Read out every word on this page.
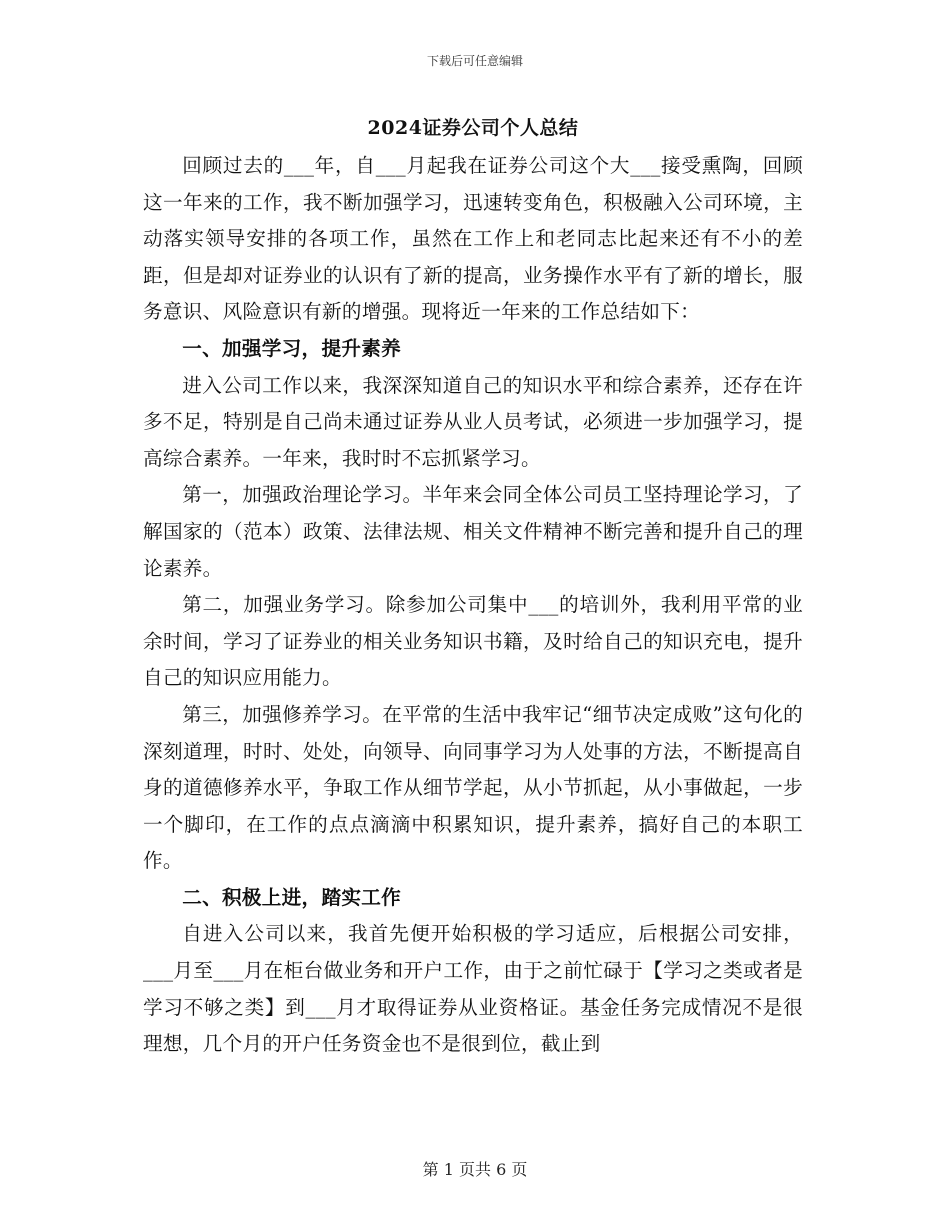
下载后可任意编辑
2024证券公司个人总结

回顾过去的___年，自___月起我在证券公司这个大___接受熏陶，回顾这一年来的工作，我不断加强学习，迅速转变角色，积极融入公司环境，主动落实领导安排的各项工作，虽然在工作上和老同志比起来还有不小的差距，但是却对证券业的认识有了新的提高，业务操作水平有了新的增长，服务意识、风险意识有新的增强。现将近一年来的工作总结如下：

一、加强学习，提升素养

进入公司工作以来，我深深知道自己的知识水平和综合素养，还存在许多不足，特别是自己尚未通过证券从业人员考试，必须进一步加强学习，提高综合素养。一年来，我时时不忘抓紧学习。

第一，加强政治理论学习。半年来会同全体公司员工坚持理论学习，了解国家的（范本）政策、法律法规、相关文件精神不断完善和提升自己的理论素养。

第二，加强业务学习。除参加公司集中___的培训外，我利用平常的业余时间，学习了证券业的相关业务知识书籍，及时给自己的知识充电，提升自己的知识应用能力。

第三，加强修养学习。在平常的生活中我牢记“细节决定成败”这句化的深刻道理，时时、处处，向领导、向同事学习为人处事的方法，不断提高自身的道德修养水平，争取工作从细节学起，从小节抓起，从小事做起，一步一个脚印，在工作的点点滴滴中积累知识，提升素养，搞好自己的本职工作。

二、积极上进，踏实工作

自进入公司以来，我首先便开始积极的学习适应，后根据公司安排，___月至___月在柜台做业务和开户工作，由于之前忙碌于【学习之类或者是学习不够之类】到___月才取得证券从业资格证。基金任务完成情况不是很理想，几个月的开户任务资金也不是很到位，截止到

第 1 页共 6 页
